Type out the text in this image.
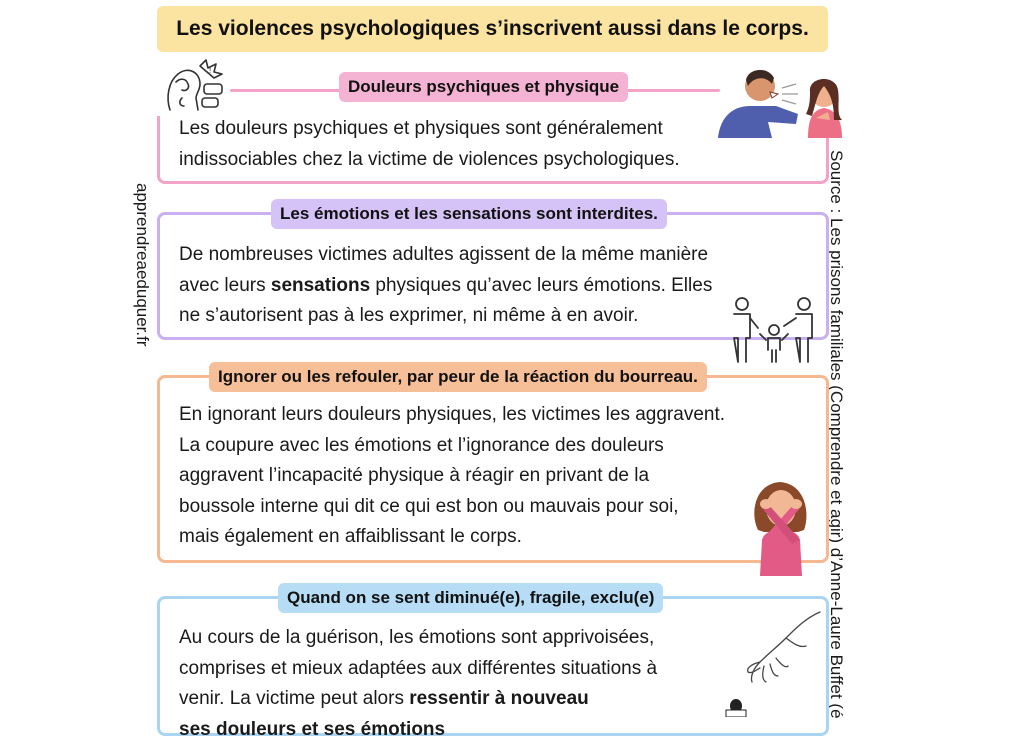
Les violences psychologiques s’inscrivent aussi dans le corps.
apprendreaeduquer.fr	Source : Les prisons familiales (Comprendre et agir) d’Anne-Laure Buffet (é
Douleurs psychiques et physique

Les douleurs psychiques et physiques sont généralement

indissociables chez la victime de violences psychologiques.

!
Les émotions et les sensations sont interdites.

De nombreuses victimes adultes agissent de la même manière

avec leurs sensations physiques qu’avec leurs émotions. Elles

ne s’autorisent pas à les exprimer, ni même à en avoir.

Ignorer ou les refouler, par peur de la réaction du bourreau.

En ignorant leurs douleurs physiques, les victimes les aggravent.

La coupure avec les émotions et l’ignorance des douleurs

aggravent l’incapacité physique à réagir en privant de la

boussole interne qui dit ce qui est bon ou mauvais pour soi,

mais également en affaiblissant le corps.

Quand on se sent diminué(e), fragile, exclu(e)

Au cours de la guérison, les émotions sont apprivoisées,

comprises et mieux adaptées aux différentes situations à

venir. La victime peut alors ressentir à nouveau

ses douleurs et ses émotions
